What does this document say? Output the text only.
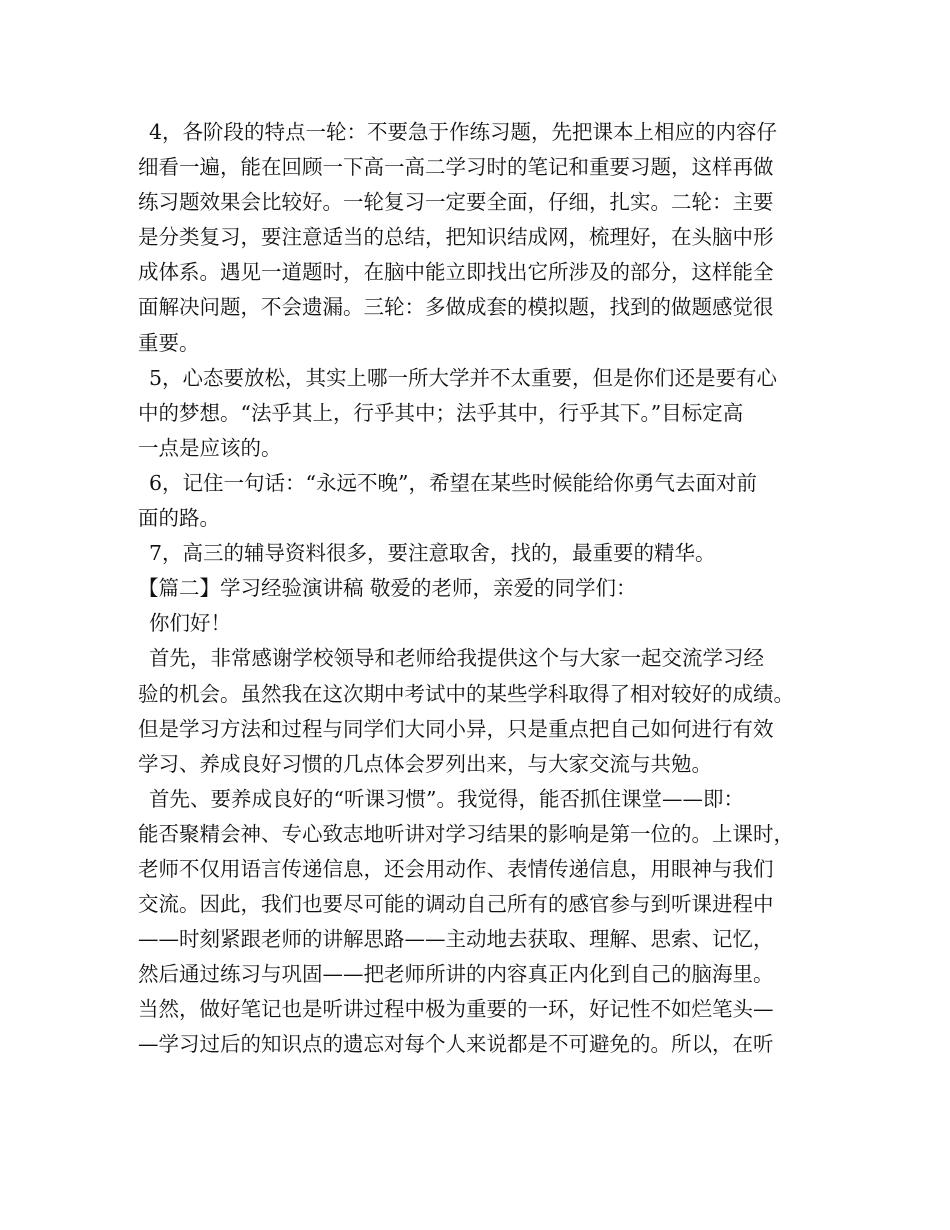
4，各阶段的特点一轮：不要急于作练习题，先把课本上相应的内容仔
细看一遍，能在回顾一下高一高二学习时的笔记和重要习题，这样再做
练习题效果会比较好。一轮复习一定要全面，仔细，扎实。二轮：主要
是分类复习，要注意适当的总结，把知识结成网，梳理好，在头脑中形
成体系。遇见一道题时，在脑中能立即找出它所涉及的部分，这样能全
面解决问题，不会遗漏。三轮：多做成套的模拟题，找到的做题感觉很
重要。
5，心态要放松，其实上哪一所大学并不太重要，但是你们还是要有心
中的梦想。“法乎其上，行乎其中；法乎其中，行乎其下。”目标定高
一点是应该的。
6，记住一句话：“永远不晚”，希望在某些时候能给你勇气去面对前
面的路。
7，高三的辅导资料很多，要注意取舍，找的，最重要的精华。
【篇二】学习经验演讲稿 敬爱的老师，亲爱的同学们：
你们好！
首先，非常感谢学校领导和老师给我提供这个与大家一起交流学习经
验的机会。虽然我在这次期中考试中的某些学科取得了相对较好的成绩。
但是学习方法和过程与同学们大同小异，只是重点把自己如何进行有效
学习、养成良好习惯的几点体会罗列出来，与大家交流与共勉。
首先、要养成良好的“听课习惯”。我觉得，能否抓住课堂——即：
能否聚精会神、专心致志地听讲对学习结果的影响是第一位的。上课时，
老师不仅用语言传递信息，还会用动作、表情传递信息，用眼神与我们
交流。因此，我们也要尽可能的调动自己所有的感官参与到听课进程中
——时刻紧跟老师的讲解思路——主动地去获取、理解、思索、记忆，
然后通过练习与巩固——把老师所讲的内容真正内化到自己的脑海里。
当然，做好笔记也是听讲过程中极为重要的一环，好记性不如烂笔头—
—学习过后的知识点的遗忘对每个人来说都是不可避免的。所以，在听
